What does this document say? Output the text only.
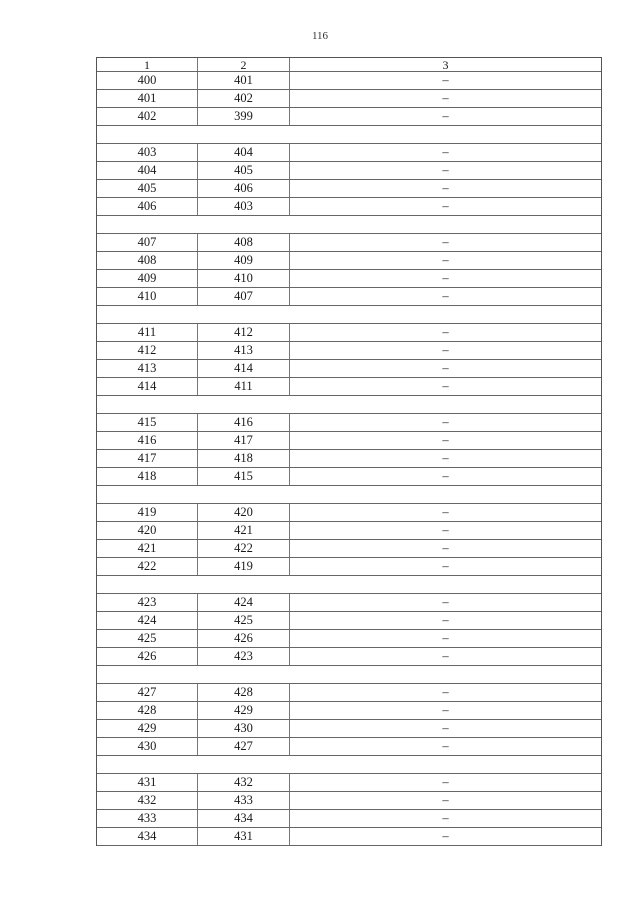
116
1	2	3
400	401	–
401	402	–
402	399	–
403	404	–
404	405	–
405	406	–
406	403	–
407	408	–
408	409	–
409	410	–
410	407	–
411	412	–
412	413	–
413	414	–
414	411	–
415	416	–
416	417	–
417	418	–
418	415	–
419	420	–
420	421	–
421	422	–
422	419	–
423	424	–
424	425	–
425	426	–
426	423	–
427	428	–
428	429	–
429	430	–
430	427	–
431	432	–
432	433	–
433	434	–
434	431	–
